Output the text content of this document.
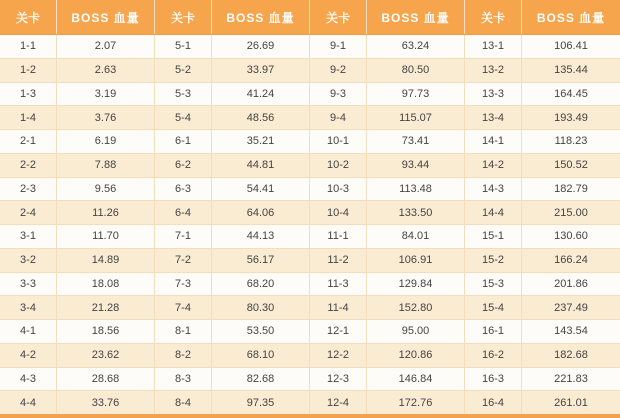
关卡	BOSS 血量	关卡	BOSS 血量	关卡	BOSS 血量	关卡	BOSS 血量
1-1	2.07	5-1	26.69	9-1	63.24	13-1	106.41
1-2	2.63	5-2	33.97	9-2	80.50	13-2	135.44
1-3	3.19	5-3	41.24	9-3	97.73	13-3	164.45
1-4	3.76	5-4	48.56	9-4	115.07	13-4	193.49
2-1	6.19	6-1	35.21	10-1	73.41	14-1	118.23
2-2	7.88	6-2	44.81	10-2	93.44	14-2	150.52
2-3	9.56	6-3	54.41	10-3	113.48	14-3	182.79
2-4	11.26	6-4	64.06	10-4	133.50	14-4	215.00
3-1	11.70	7-1	44.13	11-1	84.01	15-1	130.60
3-2	14.89	7-2	56.17	11-2	106.91	15-2	166.24
3-3	18.08	7-3	68.20	11-3	129.84	15-3	201.86
3-4	21.28	7-4	80.30	11-4	152.80	15-4	237.49
4-1	18.56	8-1	53.50	12-1	95.00	16-1	143.54
4-2	23.62	8-2	68.10	12-2	120.86	16-2	182.68
4-3	28.68	8-3	82.68	12-3	146.84	16-3	221.83
4-4	33.76	8-4	97.35	12-4	172.76	16-4	261.01
